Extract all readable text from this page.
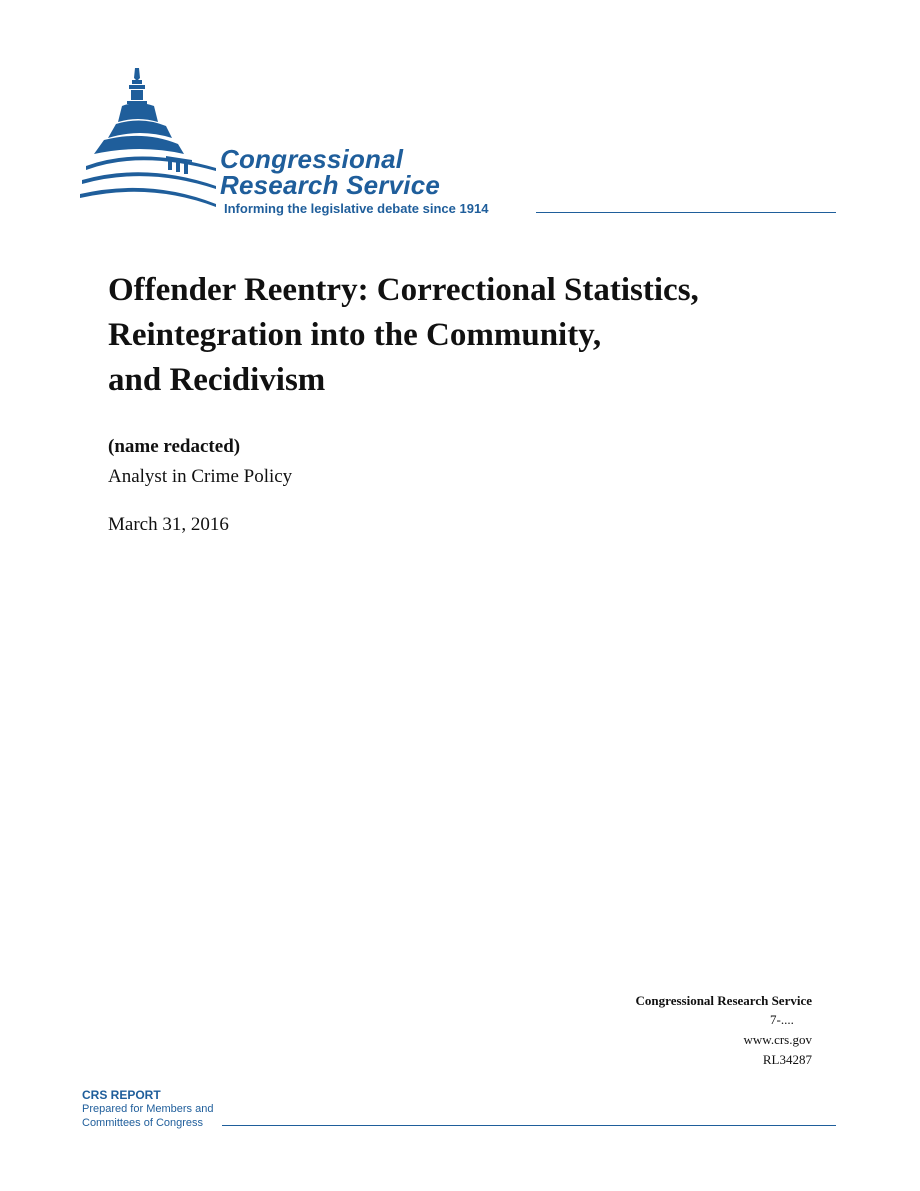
Congressional
Research Service
Informing the legislative debate since 1914
Offender Reentry: Correctional Statistics,
Reintegration into the Community,
and Recidivism
(name redacted)
Analyst in Crime Policy
March 31, 2016
Congressional Research Service
7-....
www.crs.gov
RL34287
CRS REPORT
Prepared for Members and
Committees of Congress
